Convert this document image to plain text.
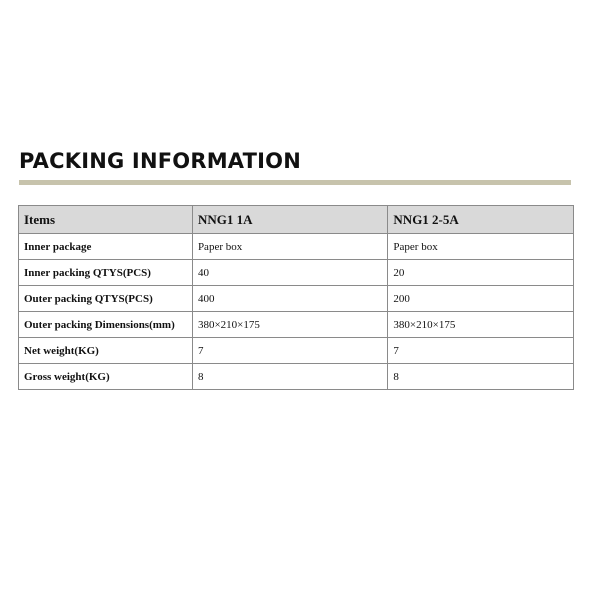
PACKING INFORMATION
Items	NNG1 1A	NNG1 2-5A
Inner package	Paper box	Paper box
Inner packing QTYS(PCS)	40	20
Outer packing QTYS(PCS)	400	200
Outer packing Dimensions(mm)	380×210×175	380×210×175
Net weight(KG)	7	7
Gross weight(KG)	8	8
